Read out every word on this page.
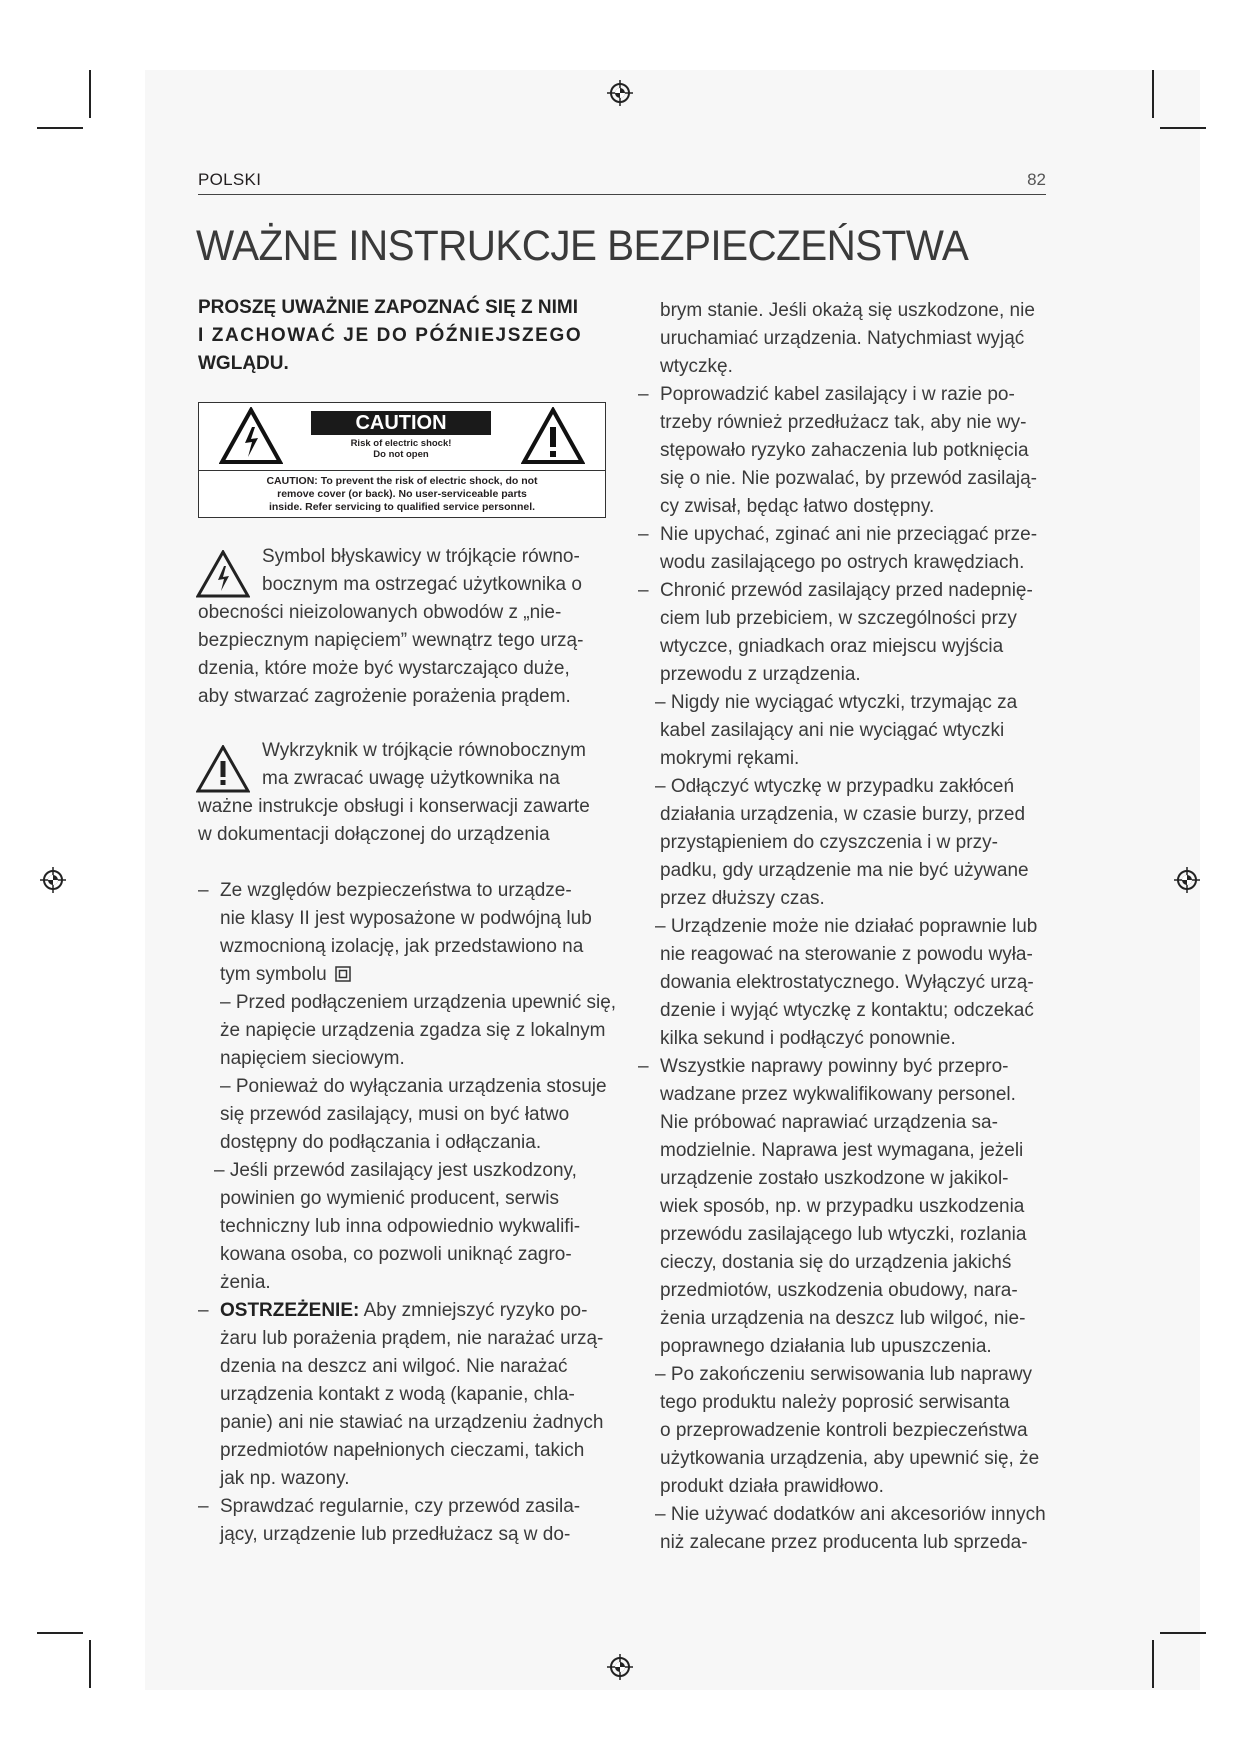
POLSKI	82
WAŻNE INSTRUKCJE BEZPIECZEŃSTWA
PROSZĘ UWAŻNIE ZAPOZNAĆ SIĘ Z NIMI
I ZACHOWAĆ JE DO PÓŹNIEJSZEGO
WGLĄDU.
CAUTION
Risk of electric shock!
Do not open
CAUTION: To prevent the risk of electric shock, do not
remove cover (or back). No user-serviceable parts
inside. Refer servicing to qualified service personnel.
Symbol błyskawicy w trójkącie równo-
bocznym ma ostrzegać użytkownika o
obecności nieizolowanych obwodów z „nie-
bezpiecznym napięciem” wewnątrz tego urzą-
dzenia, które może być wystarczająco duże,
aby stwarzać zagrożenie porażenia prądem.
Wykrzyknik w trójkącie równobocznym
ma zwracać uwagę użytkownika na
ważne instrukcje obsługi i konserwacji zawarte
w dokumentacji dołączonej do urządzenia
– Ze względów bezpieczeństwa to urządze-
nie klasy II jest wyposażone w podwójną lub
wzmocnioną izolację, jak przedstawiono na
tym symbolu
– Przed podłączeniem urządzenia upewnić się,
że napięcie urządzenia zgadza się z lokalnym
napięciem sieciowym.
– Ponieważ do wyłączania urządzenia stosuje
się przewód zasilający, musi on być łatwo
dostępny do podłączania i odłączania.
– Jeśli przewód zasilający jest uszkodzony,
powinien go wymienić producent, serwis
techniczny lub inna odpowiednio wykwalifi-
kowana osoba, co pozwoli uniknąć zagro-
żenia.
– OSTRZEŻENIE: Aby zmniejszyć ryzyko po-
żaru lub porażenia prądem, nie narażać urzą-
dzenia na deszcz ani wilgoć. Nie narażać
urządzenia kontakt z wodą (kapanie, chla-
panie) ani nie stawiać na urządzeniu żadnych
przedmiotów napełnionych cieczami, takich
jak np. wazony.
– Sprawdzać regularnie, czy przewód zasila-
jący, urządzenie lub przedłużacz są w do-
brym stanie. Jeśli okażą się uszkodzone, nie
uruchamiać urządzenia. Natychmiast wyjąć
wtyczkę.
– Poprowadzić kabel zasilający i w razie po-
trzeby również przedłużacz tak, aby nie wy-
stępowało ryzyko zahaczenia lub potknięcia
się o nie. Nie pozwalać, by przewód zasilają-
cy zwisał, będąc łatwo dostępny.
– Nie upychać, zginać ani nie przeciągać prze-
wodu zasilającego po ostrych krawędziach.
– Chronić przewód zasilający przed nadepnię-
ciem lub przebiciem, w szczególności przy
wtyczce, gniadkach oraz miejscu wyjścia
przewodu z urządzenia.
– Nigdy nie wyciągać wtyczki, trzymając za
kabel zasilający ani nie wyciągać wtyczki
mokrymi rękami.
– Odłączyć wtyczkę w przypadku zakłóceń
działania urządzenia, w czasie burzy, przed
przystąpieniem do czyszczenia i w przy-
padku, gdy urządzenie ma nie być używane
przez dłuższy czas.
– Urządzenie może nie działać poprawnie lub
nie reagować na sterowanie z powodu wyła-
dowania elektrostatycznego. Wyłączyć urzą-
dzenie i wyjąć wtyczkę z kontaktu; odczekać
kilka sekund i podłączyć ponownie.
– Wszystkie naprawy powinny być przepro-
wadzane przez wykwalifikowany personel.
Nie próbować naprawiać urządzenia sa-
modzielnie. Naprawa jest wymagana, jeżeli
urządzenie zostało uszkodzone w jakikol-
wiek sposób, np. w przypadku uszkodzenia
przewódu zasilającego lub wtyczki, rozlania
cieczy, dostania się do urządzenia jakichś
przedmiotów, uszkodzenia obudowy, nara-
żenia urządzenia na deszcz lub wilgoć, nie-
poprawnego działania lub upuszczenia.
– Po zakończeniu serwisowania lub naprawy
tego produktu należy poprosić serwisanta
o przeprowadzenie kontroli bezpieczeństwa
użytkowania urządzenia, aby upewnić się, że
produkt działa prawidłowo.
– Nie używać dodatków ani akcesoriów innych
niż zalecane przez producenta lub sprzeda-
